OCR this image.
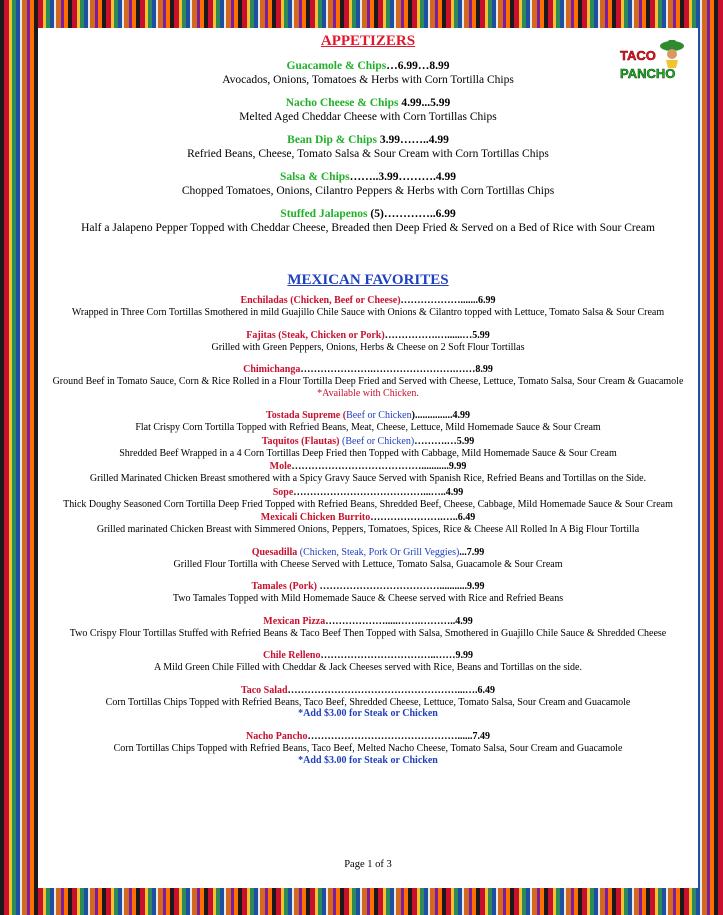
TACO
PANCHO
APPETIZERS
Guacamole & Chips…6.99…8.99
Avocados, Onions, Tomatoes & Herbs with Corn Tortilla Chips
Nacho Cheese & Chips 4.99...5.99
Melted Aged Cheddar Cheese with Corn Tortillas Chips
Bean Dip & Chips 3.99……..4.99
Refried Beans, Cheese, Tomato Salsa & Sour Cream with Corn Tortillas Chips
Salsa & Chips……..3.99……….4.99
Chopped Tomatoes, Onions, Cilantro Peppers & Herbs with Corn Tortillas Chips
Stuffed Jalapenos (5)…………..6.99
Half a Jalapeno Pepper Topped with Cheddar Cheese, Breaded then Deep Fried & Served on a Bed of Rice with Sour Cream
MEXICAN FAVORITES
Enchiladas (Chicken, Beef or Cheese)……………….......6.99
Wrapped in Three Corn Tortillas Smothered in mild Guajillo Chile Sauce with Onions & Cilantro topped with Lettuce, Tomato Salsa & Sour Cream
Fajitas (Steak, Chicken or Pork)…………….…......…5.99
Grilled with Green Peppers, Onions, Herbs & Cheese on 2 Soft Flour Tortillas
Chimichanga………………….…………………….……8.99
Ground Beef in Tomato Sauce, Corn & Rice Rolled in a Flour Tortilla Deep Fried and Served with Cheese, Lettuce, Tomato Salsa, Sour Cream & Guacamole *Available with Chicken.
Tostada Supreme (Beef or Chicken)...............4.99
Flat Crispy Corn Tortilla Topped with Refried Beans, Meat, Cheese, Lettuce, Mild Homemade Sauce & Sour Cream
Taquitos (Flautas) (Beef or Chicken)……….…5.99
Shredded Beef Wrapped in a 4 Corn Tortillas Deep Fried then Topped with Cabbage, Mild Homemade Sauce & Sour Cream
Mole…………………………………...........9.99
Grilled Marinated Chicken Breast smothered with a Spicy Gravy Sauce Served with Spanish Rice, Refried Beans and Tortillas on the Side.
Sope…………………………………...…..4.99
Thick Doughy Seasoned Corn Tortilla Deep Fried Topped with Refried Beans, Shredded Beef, Cheese, Cabbage, Mild Homemade Sauce & Sour Cream
Mexicali Chicken Burrito………………….…..6.49
Grilled marinated Chicken Breast with Simmered Onions, Peppers, Tomatoes, Spices, Rice & Cheese All Rolled In A Big Flour Tortilla
Quesadilla (Chicken, Steak, Pork Or Grill Veggies)...7.99
Grilled Flour Tortilla with Cheese Served with Lettuce, Tomato Salsa, Guacamole & Sour Cream
Tamales (Pork) ………………………………...........9.99
Two Tamales Topped with Mild Homemade Sauce & Cheese served with Rice and Refried Beans
Mexican Pizza……………….....…….………..4.99
Two Crispy Flour Tortillas Stuffed with Refried Beans & Taco Beef Then Topped with Salsa, Smothered in Guajillo Chile Sauce & Shredded Cheese
Chile Relleno……………………………..……9.99
A Mild Green Chile Filled with Cheddar & Jack Cheeses served with Rice, Beans and Tortillas on the side.
Taco Salad……………………………………………...….6.49
Corn Tortillas Chips Topped with Refried Beans, Taco Beef, Shredded Cheese, Lettuce, Tomato Salsa, Sour Cream and Guacamole
*Add $3.00 for Steak or Chicken
Nacho Pancho………………………………………......7.49
Corn Tortillas Chips Topped with Refried Beans, Taco Beef, Melted Nacho Cheese, Tomato Salsa, Sour Cream and Guacamole
*Add $3.00 for Steak or Chicken
Page 1 of 3
